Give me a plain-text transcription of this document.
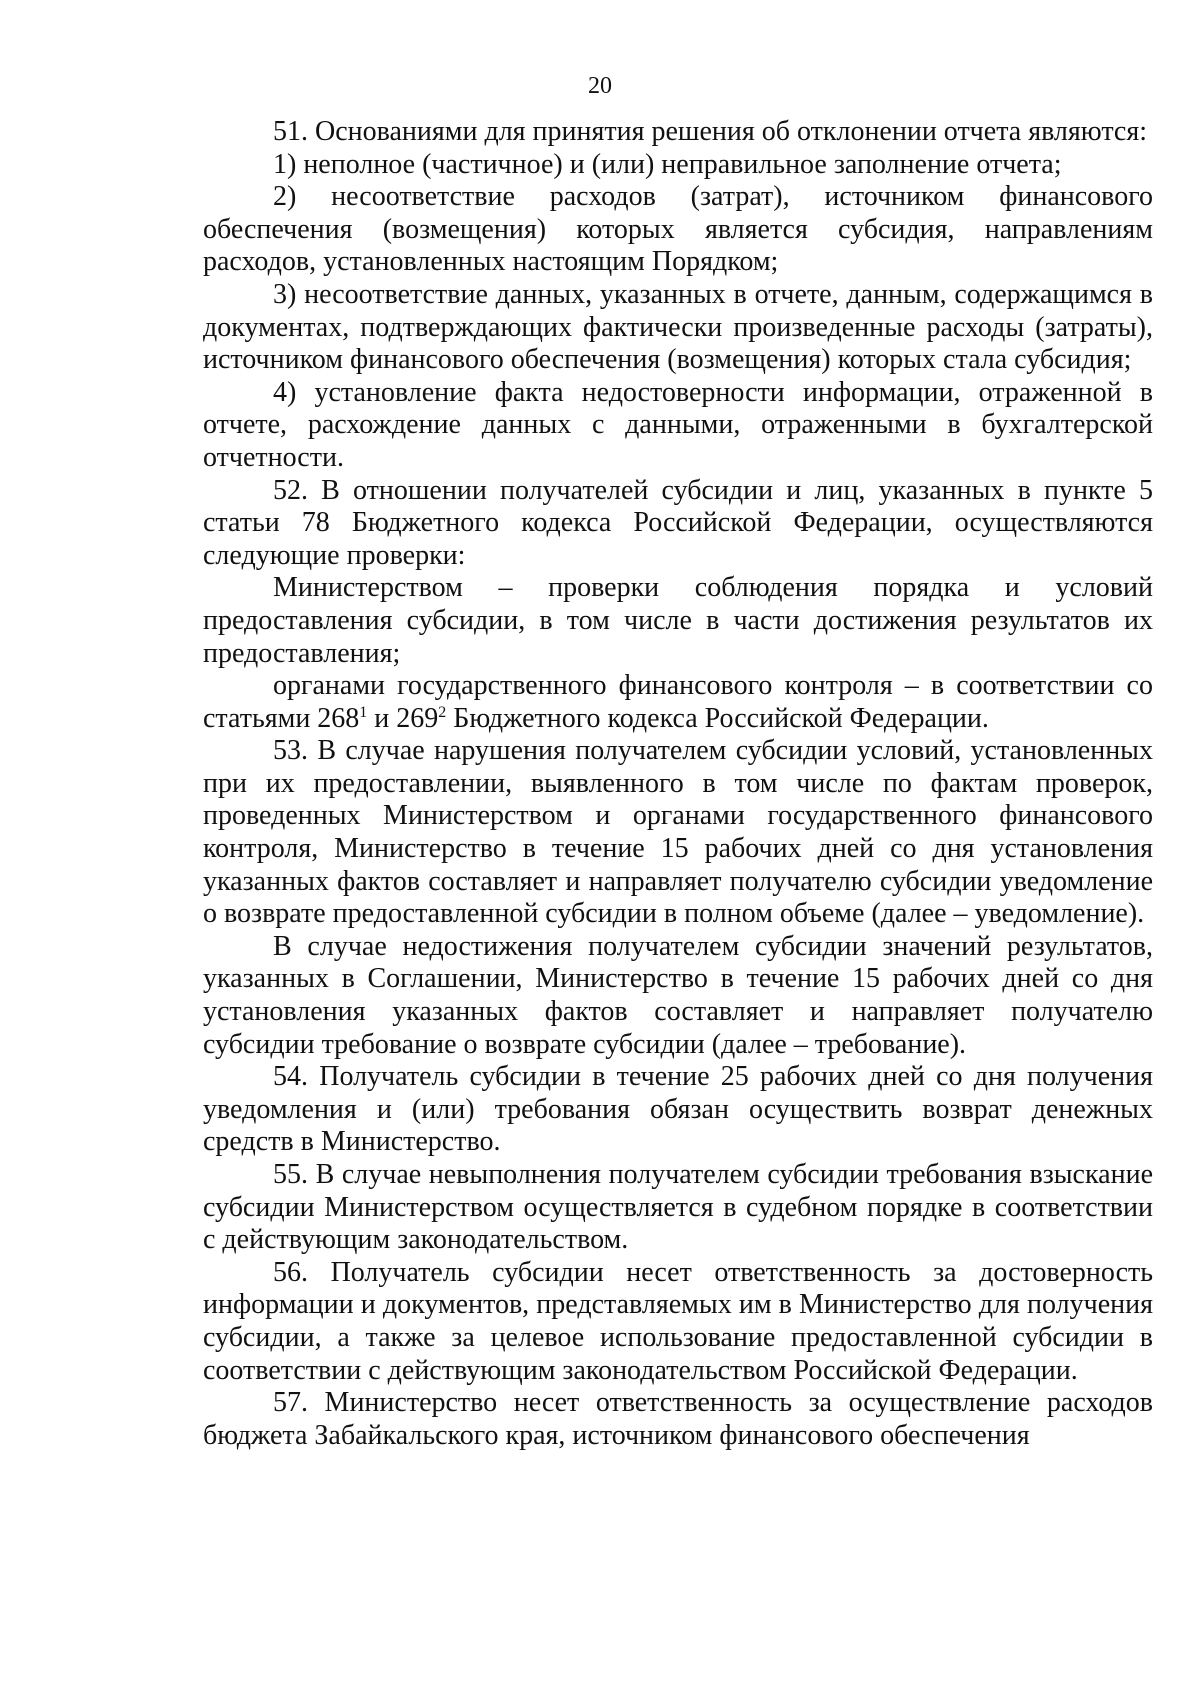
20

51. Основаниями для принятия решения об отклонении отчета являются:

1) неполное (частичное) и (или) неправильное заполнение отчета;

2) несоответствие расходов (затрат), источником финансового обеспечения (возмещения) которых является субсидия, направлениям расходов, установленных настоящим Порядком;

3) несоответствие данных, указанных в отчете, данным, содержащимся в документах, подтверждающих фактически произведенные расходы (затраты), источником финансового обеспечения (возмещения) которых стала субсидия;

4) установление факта недостоверности информации, отраженной в отчете, расхождение данных с данными, отраженными в бухгалтерской отчетности.

52. В отношении получателей субсидии и лиц, указанных в пункте 5 статьи 78 Бюджетного кодекса Российской Федерации, осуществляются следующие проверки:

Министерством – проверки соблюдения порядка и условий предоставления субсидии, в том числе в части достижения результатов их предоставления;

органами государственного финансового контроля – в соответствии со статьями $268^1$ и $269^2$ Бюджетного кодекса Российской Федерации.

53. В случае нарушения получателем субсидии условий, установленных при их предоставлении, выявленного в том числе по фактам проверок, проведенных Министерством и органами государственного финансового контроля, Министерство в течение 15 рабочих дней со дня установления указанных фактов составляет и направляет получателю субсидии уведомление о возврате предоставленной субсидии в полном объеме (далее – уведомление).

В случае недостижения получателем субсидии значений результатов, указанных в Соглашении, Министерство в течение 15 рабочих дней со дня установления указанных фактов составляет и направляет получателю субсидии требование о возврате субсидии (далее – требование).

54. Получатель субсидии в течение 25 рабочих дней со дня получения уведомления и (или) требования обязан осуществить возврат денежных средств в Министерство.

55. В случае невыполнения получателем субсидии требования взыскание субсидии Министерством осуществляется в судебном порядке в соответствии с действующим законодательством.

56. Получатель субсидии несет ответственность за достоверность информации и документов, представляемых им в Министерство для получения субсидии, а также за целевое использование предоставленной субсидии в соответствии с действующим законодательством Российской Федерации.

57. Министерство несет ответственность за осуществление расходов бюджета Забайкальского края, источником финансового обеспечения
